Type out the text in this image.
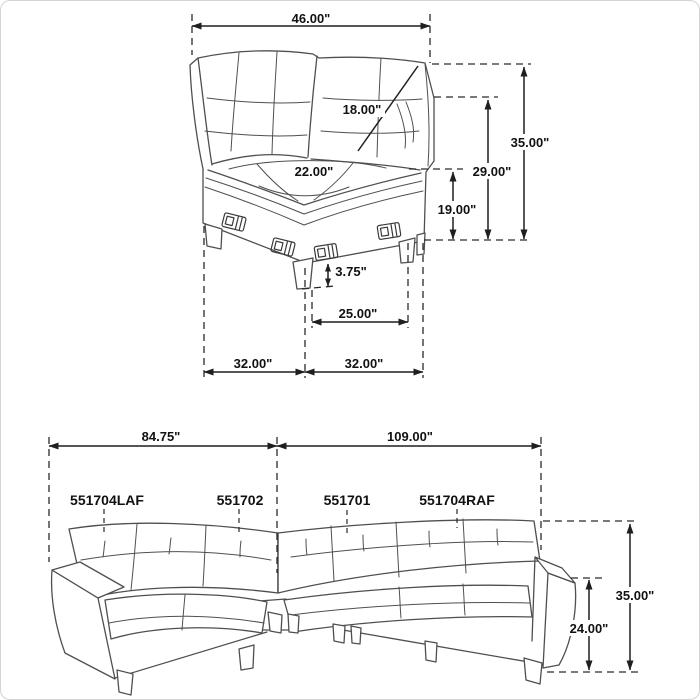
46.00"
35.00"
29.00"
19.00"
18.00"
22.00"
3.75"
25.00"
32.00"	32.00"
84.75"	109.00"
551704LAF	551702	551701	551704RAF
35.00"
24.00"
